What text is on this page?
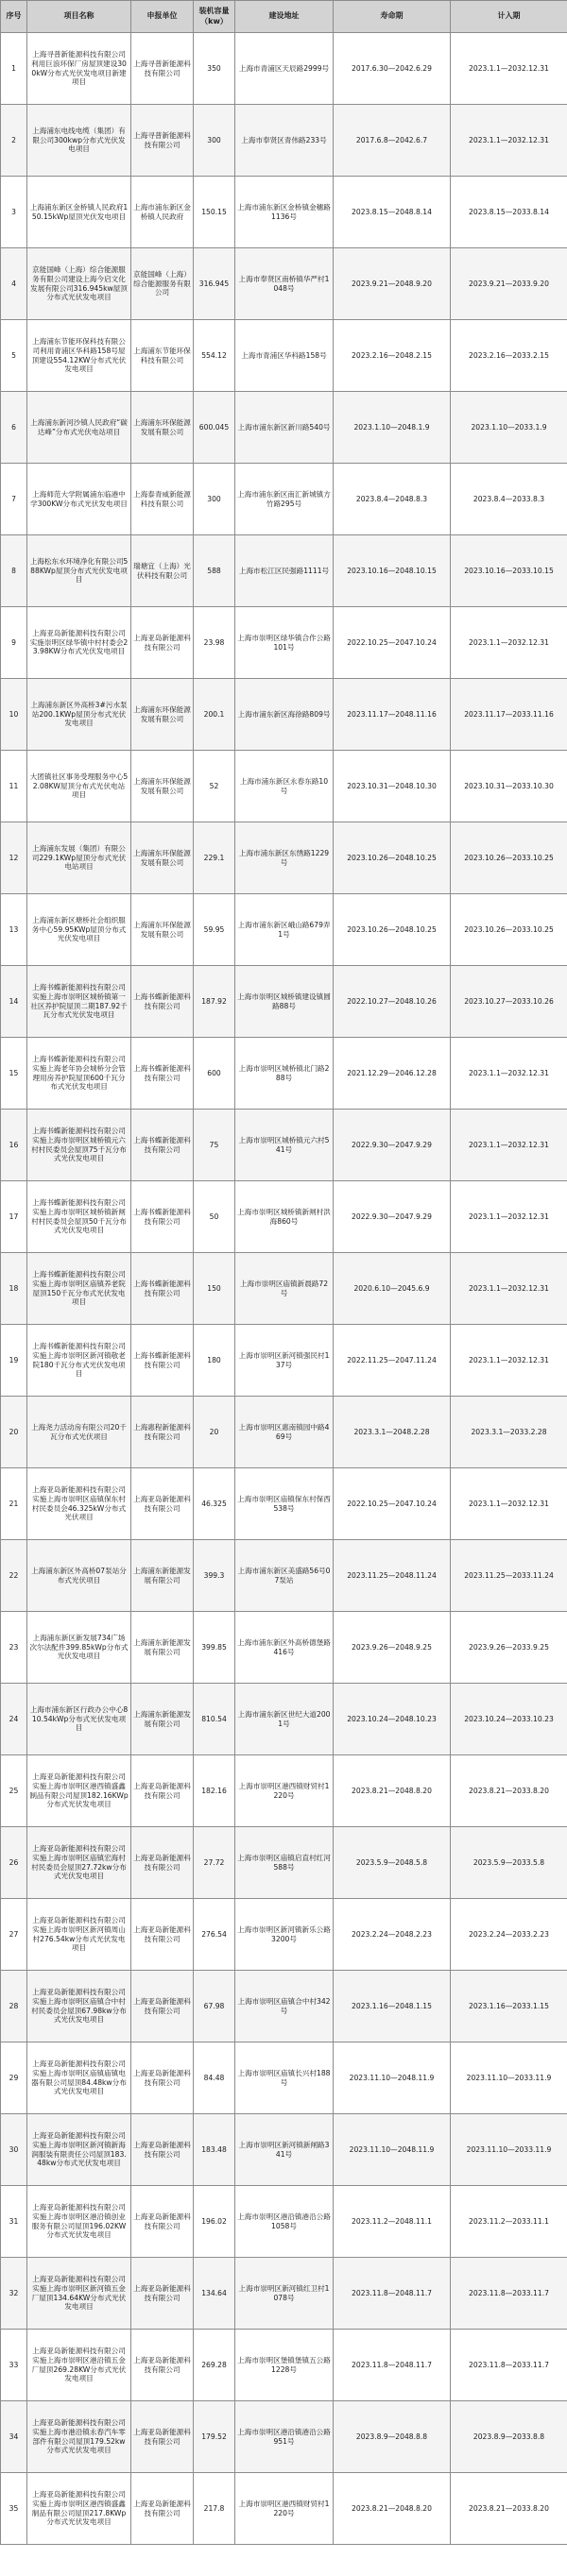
序号	项目名称	申报单位	装机容量（kw）	建设地址	寿命期	计入期
1	上海寻普新能源科技有限公司利用巨浪环保厂房屋顶建设300kW分布式光伏发电项目新建项目	上海寻普新能源科技有限公司	350	上海市青浦区天辰路2999号	2017.6.30—2042.6.29	2023.1.1—2032.12.31
2	上海浦东电线电缆（集团）有限公司300kwp分布式光伏发电项目	上海寻普新能源科技有限公司	300	上海市奉贤区青伟路233号	2017.6.8—2042.6.7	2023.1.1—2032.12.31
3	上海浦东新区金桥镇人民政府150.15kWp屋顶光伏发电项目	上海市浦东新区金桥镇人民政府	150.15	上海市浦东新区金桥镇金穗路1136号	2023.8.15—2048.8.14	2023.8.15—2033.8.14
4	京能国峰（上海）综合能源服务有限公司建设上海今启文化发展有限公司316.945kw屋顶分布式光伏发电项目	京能国峰（上海）综合能源服务有限公司	316.945	上海市奉贤区南桥镇华严村1048号	2023.9.21—2048.9.20	2023.9.21—2033.9.20
5	上海浦东节能环保科技有限公司利用青浦区华科路158号屋顶建设554.12KW分布式光伏发电项目	上海浦东节能环保科技有限公司	554.12	上海市青浦区华科路158号	2023.2.16—2048.2.15	2023.2.16—2033.2.15
6	上海浦东新河沙镇人民政府“碳达峰”分布式光伏电站项目	上海浦东环保能源发展有限公司	600.045	上海市浦东新区新川路540号	2023.1.10—2048.1.9	2023.1.10—2033.1.9
7	上海师范大学附属浦东临港中学300KW分布式光伏发电项目	上海泰青威新能源科技有限公司	300	上海市浦东新区南汇新城镇方竹路295号	2023.8.4—2048.8.3	2023.8.4—2033.8.3
8	上海松东水环境净化有限公司588KWp屋顶分布式光伏发电项目	瑞塘宜（上海）光伏科技有限公司	588	上海市松江区民强路1111号	2023.10.16—2048.10.15	2023.10.16—2033.10.15
9	上海亚岛新能源科技有限公司实施崇明区绿华镇中村村委会23.98KW分布式光伏发电项目	上海亚岛新能源科技有限公司	23.98	上海市崇明区绿华镇合作公路101号	2022.10.25—2047.10.24	2023.1.1—2032.12.31
10	上海浦东新区外高桥3#污水泵站200.1KWp屋顶分布式光伏发电项目	上海浦东环保能源发展有限公司	200.1	上海市浦东新区海徐路809号	2023.11.17—2048.11.16	2023.11.17—2033.11.16
11	大团镇社区事务受理服务中心52.08KW屋顶分布式光伏电站项目	上海浦东环保能源发展有限公司	52	上海市浦东新区永春东路10号	2023.10.31—2048.10.30	2023.10.31—2033.10.30
12	上海浦东发展（集团）有限公司229.1KWp屋顶分布式光伏电站项目	上海浦东环保能源发展有限公司	229.1	上海市浦东新区东绣路1229号	2023.10.26—2048.10.25	2023.10.26—2033.10.25
13	上海浦东新区塘桥社会组织服务中心59.95KWp屋顶分布式光伏发电项目	上海浦东环保能源发展有限公司	59.95	上海市浦东新区峨山路679弄1号	2023.10.26—2048.10.25	2023.10.26—2033.10.25
14	上海书蝶新能源科技有限公司实施上海市崇明区城桥镇第一社区养护院屋顶二期187.92千瓦分布式光伏发电项目	上海书蝶新能源科技有限公司	187.92	上海市崇明区城桥镇建设镇圆路88号	2022.10.27—2048.10.26	2023.10.27—2033.10.26
15	上海书蝶新能源科技有限公司实施上海老年协会城桥分会管理用房养护院屋顶600千瓦分布式光伏发电项目	上海书蝶新能源科技有限公司	600	上海市崇明区城桥镇北门路288号	2021.12.29—2046.12.28	2023.1.1—2032.12.31
16	上海书蝶新能源科技有限公司实施上海市崇明区城桥镇元六村村民委员会屋顶75千瓦分布式光伏发电项目	上海书蝶新能源科技有限公司	75	上海市崇明区城桥镇元六村541号	2022.9.30—2047.9.29	2023.1.1—2032.12.31
17	上海书蝶新能源科技有限公司实施上海市崇明区城桥镇新闸村村民委员会屋顶50千瓦分布式光伏发电项目	上海书蝶新能源科技有限公司	50	上海市崇明区城桥镇新闸村洪海860号	2022.9.30—2047.9.29	2023.1.1—2032.12.31
18	上海书蝶新能源科技有限公司实施上海市崇明区庙镇养老院屋顶150千瓦分布式光伏发电项目	上海书蝶新能源科技有限公司	150	上海市崇明区庙镇新晨路72号	2020.6.10—2045.6.9	2023.1.1—2032.12.31
19	上海书蝶新能源科技有限公司实施上海市崇明区新河镇敬老院180千瓦分布式光伏发电项目	上海书蝶新能源科技有限公司	180	上海市崇明区新河镇强民村137号	2022.11.25—2047.11.24	2023.1.1—2032.12.31
20	上海尧力活动房有限公司20千瓦分布式光伏项目	上海惠程新能源科技有限公司	20	上海市崇明区惠南镇园中路469号	2023.3.1—2048.2.28	2023.3.1—2033.2.28
21	上海亚岛新能源科技有限公司实施上海市崇明区庙镇保东村村民委员会46.325kW分布式光伏项目	上海亚岛新能源科技有限公司	46.325	上海市崇明区庙镇保东村保西538号	2022.10.25—2047.10.24	2023.1.1—2032.12.31
22	上海浦东新区外高桥07泵站分布式光伏项目	上海浦东新能源发展有限公司	399.3	上海市浦东新区美盛路56号07泵站	2023.11.25—2048.11.24	2023.11.25—2033.11.24
23	上海浦东新区新发展734广场次尔法配件399.85kWp分布式光伏发电项目	上海浦东新能源发展有限公司	399.85	上海市浦东新区外高桥德堡路416号	2023.9.26—2048.9.25	2023.9.26—2033.9.25
24	上海市浦东新区行政办公中心810.54kWp分布式光伏发电项目	上海浦东新能源发展有限公司	810.54	上海市浦东新区世纪大道2001号	2023.10.24—2048.10.23	2023.10.24—2033.10.23
25	上海亚岛新能源科技有限公司实施上海市崇明区港西镇盛鑫制品有限公司屋顶182.16KWp分布式光伏发电项目	上海亚岛新能源科技有限公司	182.16	上海市崇明区港西镇财贸村1220号	2023.8.21—2048.8.20	2023.8.21—2033.8.20
26	上海亚岛新能源科技有限公司实施上海市崇明区庙镇宏海村村民委员会屋顶27.72kw分布式光伏发电项目	上海亚岛新能源科技有限公司	27.72	上海市崇明区庙镇启直村红河588号	2023.5.9—2048.5.8	2023.5.9—2033.5.8
27	上海亚岛新能源科技有限公司实施上海市崇明区新河镇周山村276.54kw分布式光伏发电项目	上海亚岛新能源科技有限公司	276.54	上海市崇明区新河镇新乐公路3200号	2023.2.24—2048.2.23	2023.2.24—2033.2.23
28	上海亚岛新能源科技有限公司实施上海市崇明区庙镇合中村村民委员会屋顶67.98kw分布式光伏发电项目	上海亚岛新能源科技有限公司	67.98	上海市崇明区庙镇合中村342号	2023.1.16—2048.1.15	2023.1.16—2033.1.15
29	上海亚岛新能源科技有限公司实施上海市崇明区庙镇庙镇电器有限公司屋顶84.48kw分布式光伏发电项目	上海亚岛新能源科技有限公司	84.48	上海市崇明区庙镇长兴村188号	2023.11.10—2048.11.9	2023.11.10—2033.11.9
30	上海亚岛新能源科技有限公司实施上海市崇明区新河镇新海润服装有限责任公司屋顶183.48kw分布式光伏发电项目	上海亚岛新能源科技有限公司	183.48	上海市崇明区新河镇新闸路341号	2023.11.10—2048.11.9	2023.11.10—2033.11.9
31	上海亚岛新能源科技有限公司实施上海市崇明区港沿镇创业服务有限公司屋顶196.02KW分布式光伏发电项目	上海亚岛新能源科技有限公司	196.02	上海市崇明区港沿镇港沿公路1058号	2023.11.2—2048.11.1	2023.11.2—2033.11.1
32	上海亚岛新能源科技有限公司实施上海市崇明区新河镇五金厂屋顶134.64KW分布式光伏发电项目	上海亚岛新能源科技有限公司	134.64	上海市崇明区新河镇红卫村1078号	2023.11.8—2048.11.7	2023.11.8—2033.11.7
33	上海亚岛新能源科技有限公司实施上海市崇明区港沿镇五金厂屋顶269.28KW分布式光伏发电项目	上海亚岛新能源科技有限公司	269.28	上海市崇明区堡镇堡镇五公路1228号	2023.11.8—2048.11.7	2023.11.8—2033.11.7
34	上海亚岛新能源科技有限公司实施上海市港沿镇永春汽车零部件有限公司屋顶179.52kw分布式光伏发电项目	上海亚岛新能源科技有限公司	179.52	上海市崇明区港沿镇港沿公路951号	2023.8.9—2048.8.8	2023.8.9—2033.8.8
35	上海亚岛新能源科技有限公司实施上海市崇明区港西镇盛鑫制品有限公司屋顶217.8KWp分布式光伏发电项目	上海亚岛新能源科技有限公司	217.8	上海市崇明区港西镇财贸村1220号	2023.8.21—2048.8.20	2023.8.21—2033.8.20
